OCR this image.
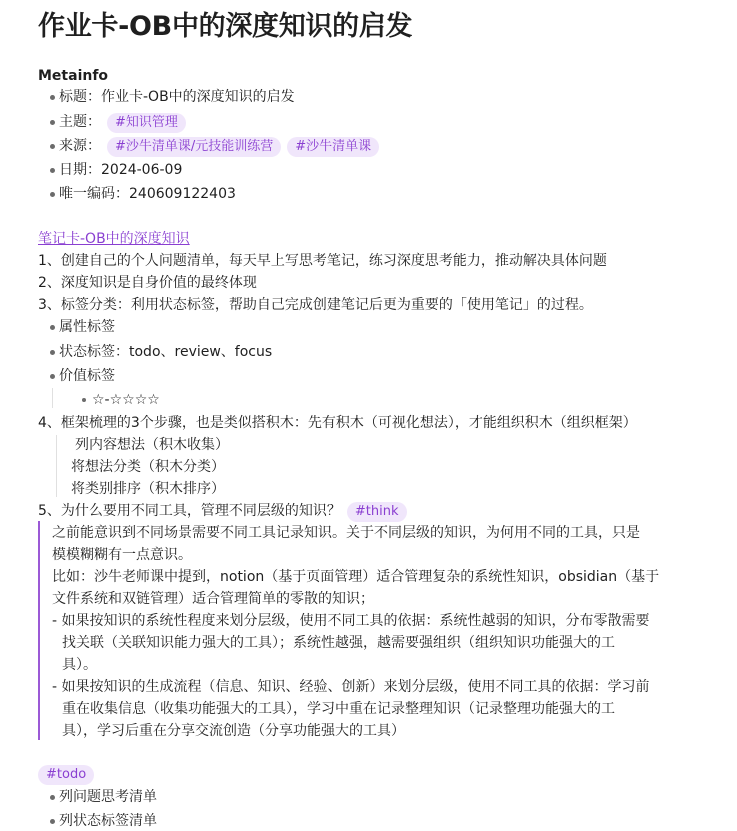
作业卡-OB中的深度知识的启发
Metainfo
标题：作业卡-OB中的深度知识的启发
主题： #知识管理
来源： #沙牛清单课/元技能训练营 #沙牛清单课
日期：2024-06-09
唯一编码：240609122403
笔记卡-OB中的深度知识
1、创建自己的个人问题清单，每天早上写思考笔记，练习深度思考能力，推动解决具体问题
2、深度知识是自身价值的最终体现
3、标签分类：利用状态标签，帮助自己完成创建笔记后更为重要的「使用笔记」的过程。
属性标签
状态标签：todo、review、focus
价值标签
☆-☆☆☆☆
4、框架梳理的3个步骤，也是类似搭积木：先有积木（可视化想法），才能组织积木（组织框架）
列内容想法（积木收集）
将想法分类（积木分类）
将类别排序（积木排序）
5、为什么要用不同工具，管理不同层级的知识？ #think
之前能意识到不同场景需要不同工具记录知识。关于不同层级的知识，为何用不同的工具，只是
模模糊糊有一点意识。
比如：沙牛老师课中提到，notion（基于页面管理）适合管理复杂的系统性知识，obsidian（基于
文件系统和双链管理）适合管理简单的零散的知识；
- 如果按知识的系统性程度来划分层级，使用不同工具的依据：系统性越弱的知识，分布零散需要
找关联（关联知识能力强大的工具）；系统性越强，越需要强组织（组织知识功能强大的工
具）。
- 如果按知识的生成流程（信息、知识、经验、创新）来划分层级，使用不同工具的依据：学习前
重在收集信息（收集功能强大的工具），学习中重在记录整理知识（记录整理功能强大的工
具），学习后重在分享交流创造（分享功能强大的工具）
#todo
列问题思考清单
列状态标签清单
